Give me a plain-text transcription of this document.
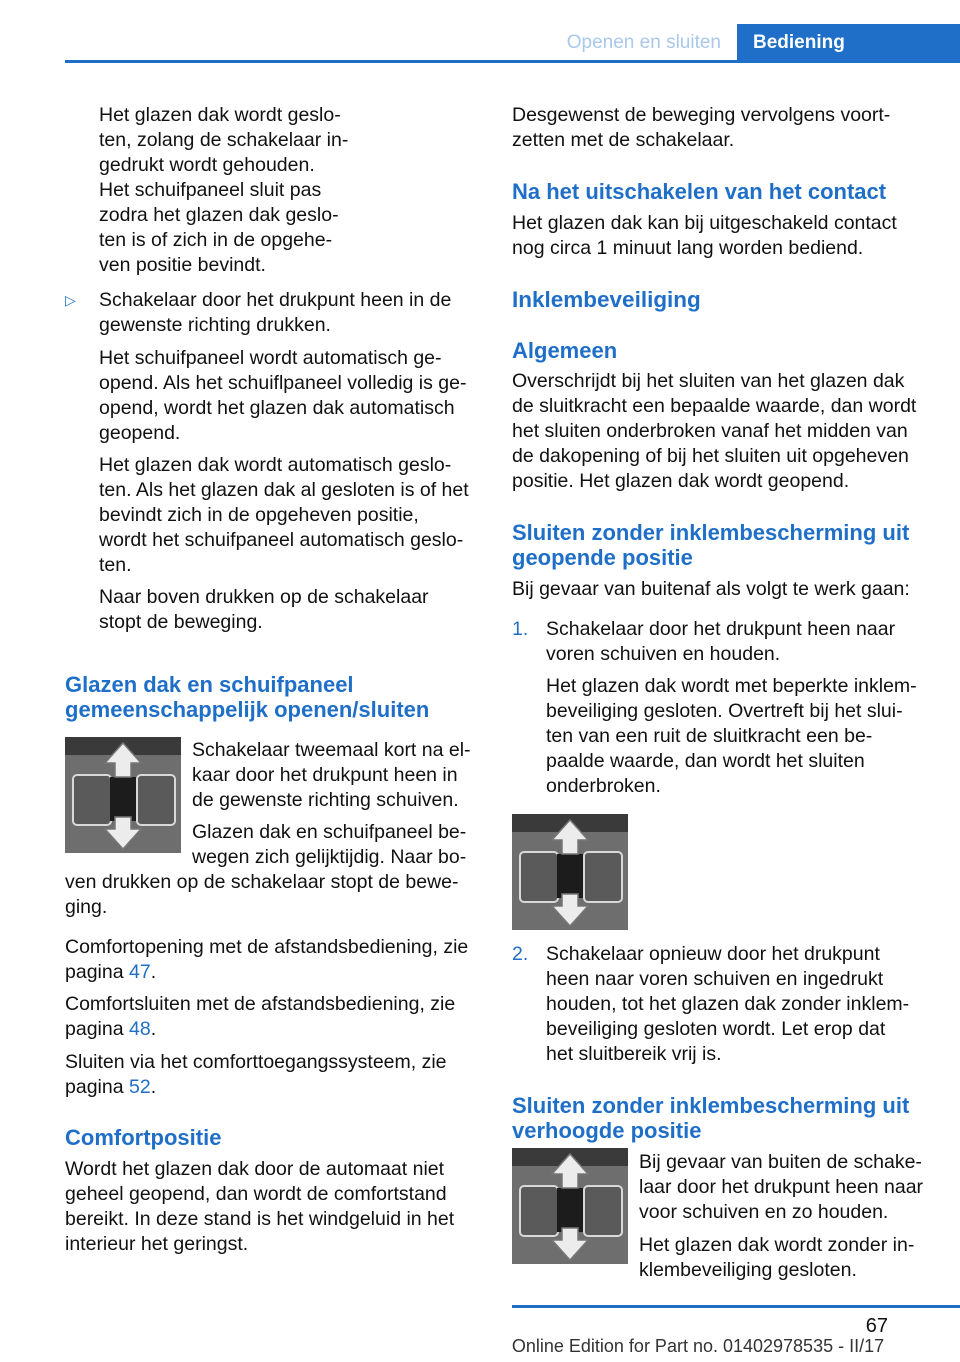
Openen en sluiten	Bediening
Het glazen dak wordt geslo-
ten, zolang de schakelaar in-
gedrukt wordt gehouden.
Het schuifpaneel sluit pas
zodra het glazen dak geslo-
ten is of zich in de opgehe-
ven positie bevindt.
▷ Schakelaar door het drukpunt heen in de
gewenste richting drukken.
Het schuifpaneel wordt automatisch ge-
opend. Als het schuiflpaneel volledig is ge-
opend, wordt het glazen dak automatisch
geopend.
Het glazen dak wordt automatisch geslo-
ten. Als het glazen dak al gesloten is of het
bevindt zich in de opgeheven positie,
wordt het schuifpaneel automatisch geslo-
ten.
Naar boven drukken op de schakelaar
stopt de beweging.
Glazen dak en schuifpaneel
gemeenschappelijk openen/sluiten
Schakelaar tweemaal kort na el-
kaar door het drukpunt heen in
de gewenste richting schuiven.
Glazen dak en schuifpaneel be-
wegen zich gelijktijdig. Naar bo-
ven drukken op de schakelaar stopt de bewe-
ging.
Comfortopening met de afstandsbediening, zie
pagina 47.
Comfortsluiten met de afstandsbediening, zie
pagina 48.
Sluiten via het comforttoegangssysteem, zie
pagina 52.
Comfortpositie
Wordt het glazen dak door de automaat niet
geheel geopend, dan wordt de comfortstand
bereikt. In deze stand is het windgeluid in het
interieur het geringst.
Desgewenst de beweging vervolgens voort-
zetten met de schakelaar.
Na het uitschakelen van het contact
Het glazen dak kan bij uitgeschakeld contact
nog circa 1 minuut lang worden bediend.
Inklembeveiliging
Algemeen
Overschrijdt bij het sluiten van het glazen dak
de sluitkracht een bepaalde waarde, dan wordt
het sluiten onderbroken vanaf het midden van
de dakopening of bij het sluiten uit opgeheven
positie. Het glazen dak wordt geopend.
Sluiten zonder inklembescherming uit
geopende positie
Bij gevaar van buitenaf als volgt te werk gaan:
1. Schakelaar door het drukpunt heen naar
voren schuiven en houden.
Het glazen dak wordt met beperkte inklem-
beveiliging gesloten. Overtreft bij het slui-
ten van een ruit de sluitkracht een be-
paalde waarde, dan wordt het sluiten
onderbroken.
2. Schakelaar opnieuw door het drukpunt
heen naar voren schuiven en ingedrukt
houden, tot het glazen dak zonder inklem-
beveiliging gesloten wordt. Let erop dat
het sluitbereik vrij is.
Sluiten zonder inklembescherming uit
verhoogde positie
Bij gevaar van buiten de schake-
laar door het drukpunt heen naar
voor schuiven en zo houden.
Het glazen dak wordt zonder in-
klembeveiliging gesloten.
67
Online Edition for Part no. 01402978535 - II/17
